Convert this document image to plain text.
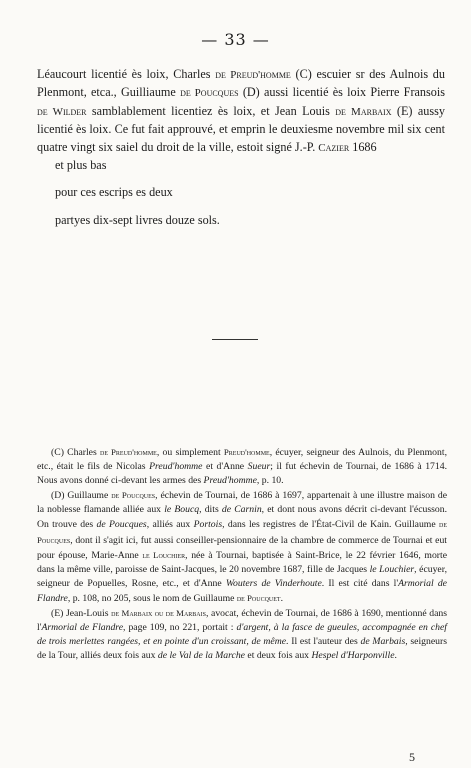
— 33 —

Léaucourt licentié ès loix, Charles de Preud'homme (C) escuier sr des Aulnois du Plenmont, etca., Guilliaume de Poucques (D) aussi licentié ès loix Pierre Fransois de Wilder samblablement licentiez ès loix, et Jean Louis de Marbaix (E) aussy licentié ès loix. Ce fut fait approuvé, et emprin le deuxiesme novembre mil six cent quatre vingt six saiel du droit de la ville, estoit signé J.-P. Cazier 1686

et plus bas

pour ces escrips es deux

partyes dix-sept livres douze sols.

(C) Charles de Preud'homme, ou simplement Preud'homme, écuyer, seigneur des Aulnois, du Plenmont, etc., était le fils de Nicolas Preud'homme et d'Anne Sueur; il fut échevin de Tournai, de 1686 à 1714. Nous avons donné ci-devant les armes des Preud'homme, p. 10.

(D) Guillaume de Poucques, échevin de Tournai, de 1686 à 1697, appartenait à une illustre maison de la noblesse flamande alliée aux le Boucq, dits de Carnin, et dont nous avons décrit ci-devant l'écusson. On trouve des de Poucques, alliés aux Portois, dans les registres de l'État-Civil de Kain. Guillaume de Poucques, dont il s'agit ici, fut aussi conseiller-pensionnaire de la chambre de commerce de Tournai et eut pour épouse, Marie-Anne le Louchier, née à Tournai, baptisée à Saint-Brice, le 22 février 1646, morte dans la même ville, paroisse de Saint-Jacques, le 20 novembre 1687, fille de Jacques le Louchier, écuyer, seigneur de Popuelles, Rosne, etc., et d'Anne Wouters de Vinderhoute. Il est cité dans l'Armorial de Flandre, p. 108, no 205, sous le nom de Guillaume de Poucquet.

(E) Jean-Louis de Marbaix ou de Marbais, avocat, échevin de Tournai, de 1686 à 1690, mentionné dans l'Armorial de Flandre, page 109, no 221, portait : d'argent, à la fasce de gueules, accompagnée en chef de trois merlettes rangées, et en pointe d'un croissant, de même. Il est l'auteur des de Marbais, seigneurs de la Tour, alliés deux fois aux de le Val de la Marche et deux fois aux Hespel d'Harponville.

5
